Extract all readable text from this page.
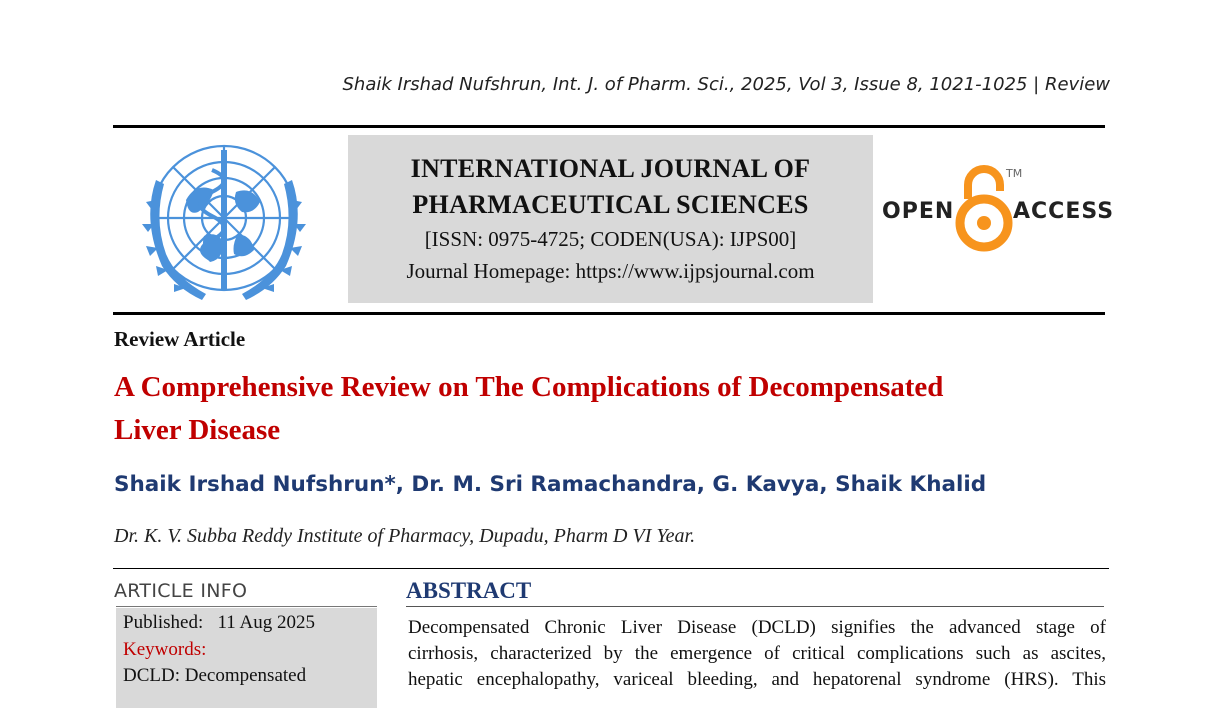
Shaik Irshad Nufshrun, Int. J. of Pharm. Sci., 2025, Vol 3, Issue 8, 1021-1025 | Review
INTERNATIONAL JOURNAL OF
PHARMACEUTICAL SCIENCES
[ISSN: 0975-4725; CODEN(USA): IJPS00]
Journal Homepage: https://www.ijpsjournal.com
OPEN
TM
ACCESS
Review Article
A Comprehensive Review on The Complications of Decompensated
Liver Disease
Shaik Irshad Nufshrun*, Dr. M. Sri Ramachandra, G. Kavya, Shaik Khalid
Dr. K. V. Subba Reddy Institute of Pharmacy, Dupadu, Pharm D VI Year.
ARTICLE INFO
Published: 11 Aug 2025
Keywords:
DCLD: Decompensated
ABSTRACT
Decompensated Chronic Liver Disease (DCLD) signifies the advanced stage of
cirrhosis, characterized by the emergence of critical complications such as ascites,
hepatic encephalopathy, variceal bleeding, and hepatorenal syndrome (HRS). This
